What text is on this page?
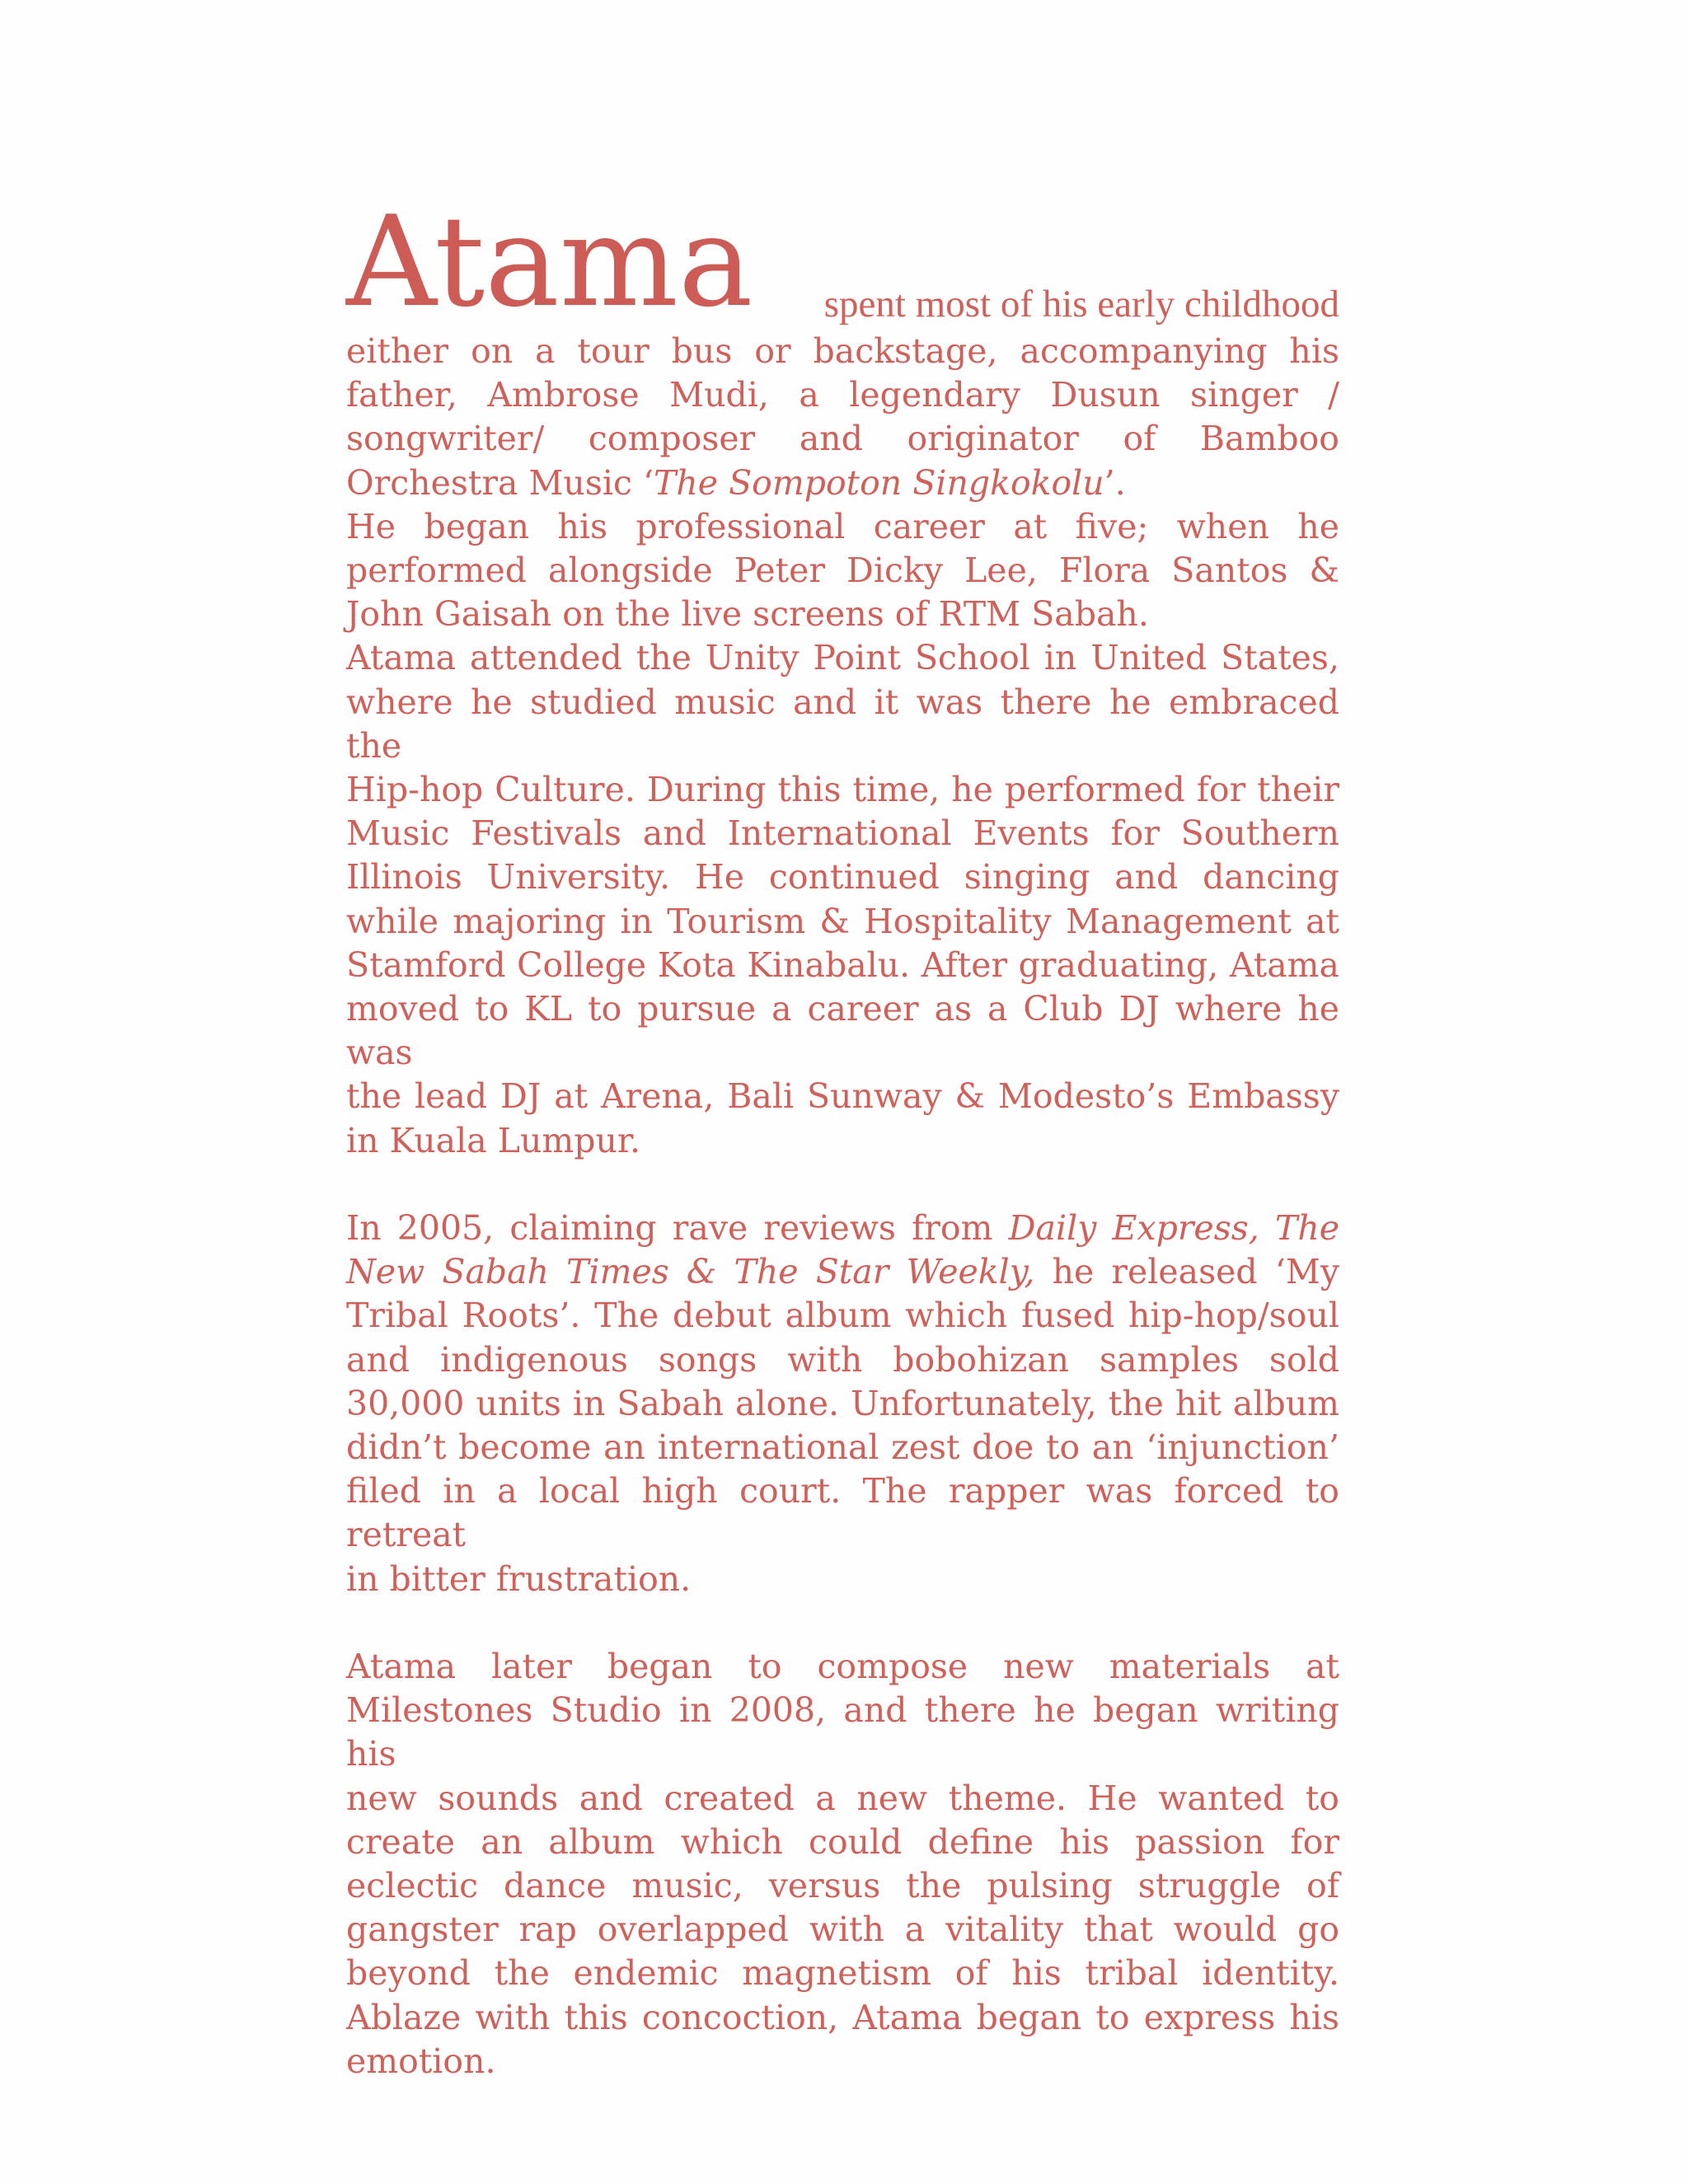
Atama spent most of his early childhood
either on a tour bus or backstage, accompanying his
father, Ambrose Mudi, a legendary Dusun singer /
songwriter/ composer and originator of Bamboo
Orchestra Music ‘The Sompoton Singkokolu’.
He began his professional career at five; when he
performed alongside Peter Dicky Lee, Flora Santos &
John Gaisah on the live screens of RTM Sabah.
Atama attended the Unity Point School in United States,
where he studied music and it was there he embraced the
Hip-hop Culture. During this time, he performed for their
Music Festivals and International Events for Southern
Illinois University. He continued singing and dancing
while majoring in Tourism & Hospitality Management at
Stamford College Kota Kinabalu. After graduating, Atama
moved to KL to pursue a career as a Club DJ where he was
the lead DJ at Arena, Bali Sunway & Modesto’s Embassy
in Kuala Lumpur.
In 2005, claiming rave reviews from Daily Express, The
New Sabah Times & The Star Weekly, he released ‘My
Tribal Roots’. The debut album which fused hip-hop/soul
and indigenous songs with bobohizan samples sold
30,000 units in Sabah alone. Unfortunately, the hit album
didn’t become an international zest doe to an ‘injunction’
filed in a local high court. The rapper was forced to retreat
in bitter frustration.
Atama later began to compose new materials at
Milestones Studio in 2008, and there he began writing his
new sounds and created a new theme. He wanted to
create an album which could define his passion for
eclectic dance music, versus the pulsing struggle of
gangster rap overlapped with a vitality that would go
beyond the endemic magnetism of his tribal identity.
Ablaze with this concoction, Atama began to express his
emotion.
